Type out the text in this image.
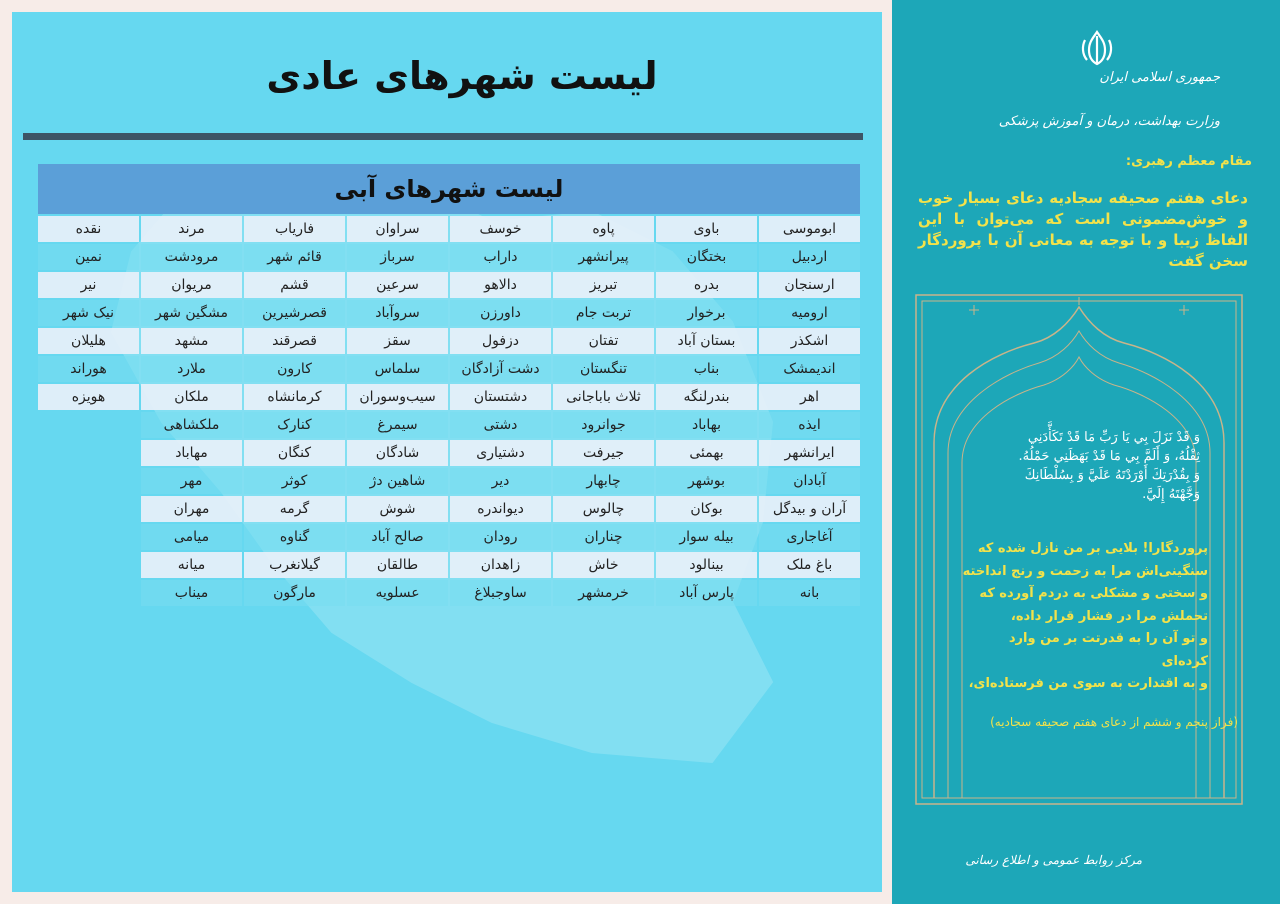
لیست شهرهای عادی
لیست شهرهای آبی
ابوموسی	باوی	پاوه	خوسف	سراوان	فاریاب	مرند	نقده
اردبیل	بختگان	پیرانشهر	داراب	سرباز	قائم شهر	مرودشت	نمین
ارسنجان	بدره	تبریز	دالاهو	سرعین	قشم	مریوان	نیر
ارومیه	برخوار	تربت جام	داورزن	سروآباد	قصرشیرین	مشگین شهر	نیک شهر
اشکذر	بستان آباد	تفتان	دزفول	سقز	قصرقند	مشهد	هلیلان
اندیمشک	بناب	تنگستان	دشت آزادگان	سلماس	کارون	ملارد	هوراند
اهر	بندرلنگه	ثلاث باباجانی	دشتستان	سیب‌وسوران	کرمانشاه	ملکان	هویزه
ایذه	بهاباد	جوانرود	دشتی	سیمرغ	کنارک	ملکشاهی	
ایرانشهر	بهمئی	جیرفت	دشتیاری	شادگان	کنگان	مهاباد	
آبادان	بوشهر	چابهار	دیر	شاهین دژ	کوثر	مهر	
آران و بیدگل	بوکان	چالوس	دیواندره	شوش	گرمه	مهران	
آغاجاری	بیله سوار	چناران	رودان	صالح آباد	گناوه	میامی	
باغ ملک	بینالود	خاش	زاهدان	طالقان	گیلانغرب	میانه	
بانه	پارس آباد	خرمشهر	ساوجبلاغ	عسلویه	مارگون	میناب	
جمهوری اسلامی ایران
وزارت بهداشت، درمان و آموزش پزشکی
مقام معظم رهبری:
دعای هفتم صحیفه سجادیه دعای بسیار خوب و خوش‌مضمونی است که می‌توان با این الفاظ زیبا و با توجه به معانی آن با پروردگار سخن گفت
وَ قَدْ نَزَلَ بِي يَا رَبِّ مَا قَدْ تَكَأَّدَنِي
ثِقْلُهُ، وَ أَلَمَّ بِي مَا قَدْ بَهَظَنِي حَمْلُهُ.
وَ بِقُدْرَتِكَ أَوْرَدْتَهُ عَلَيَّ وَ بِسُلْطَانِكَ
وَجَّهْتَهُ إِلَيَّ.
پروردگارا! بلایی بر من نازل شده که
سنگینی‌اش مرا به زحمت و رنج انداخته
و سختی و مشکلی به دردم آورده که
تحملش مرا در فشار قرار داده،
و تو آن را به قدرتت بر من وارد کرده‌ای
و به اقتدارت به سوی من فرستاده‌ای،
(فراز پنجم و ششم از دعای هفتم صحیفه سجادیه)
مرکز روابط عمومی و اطلاع رسانی
